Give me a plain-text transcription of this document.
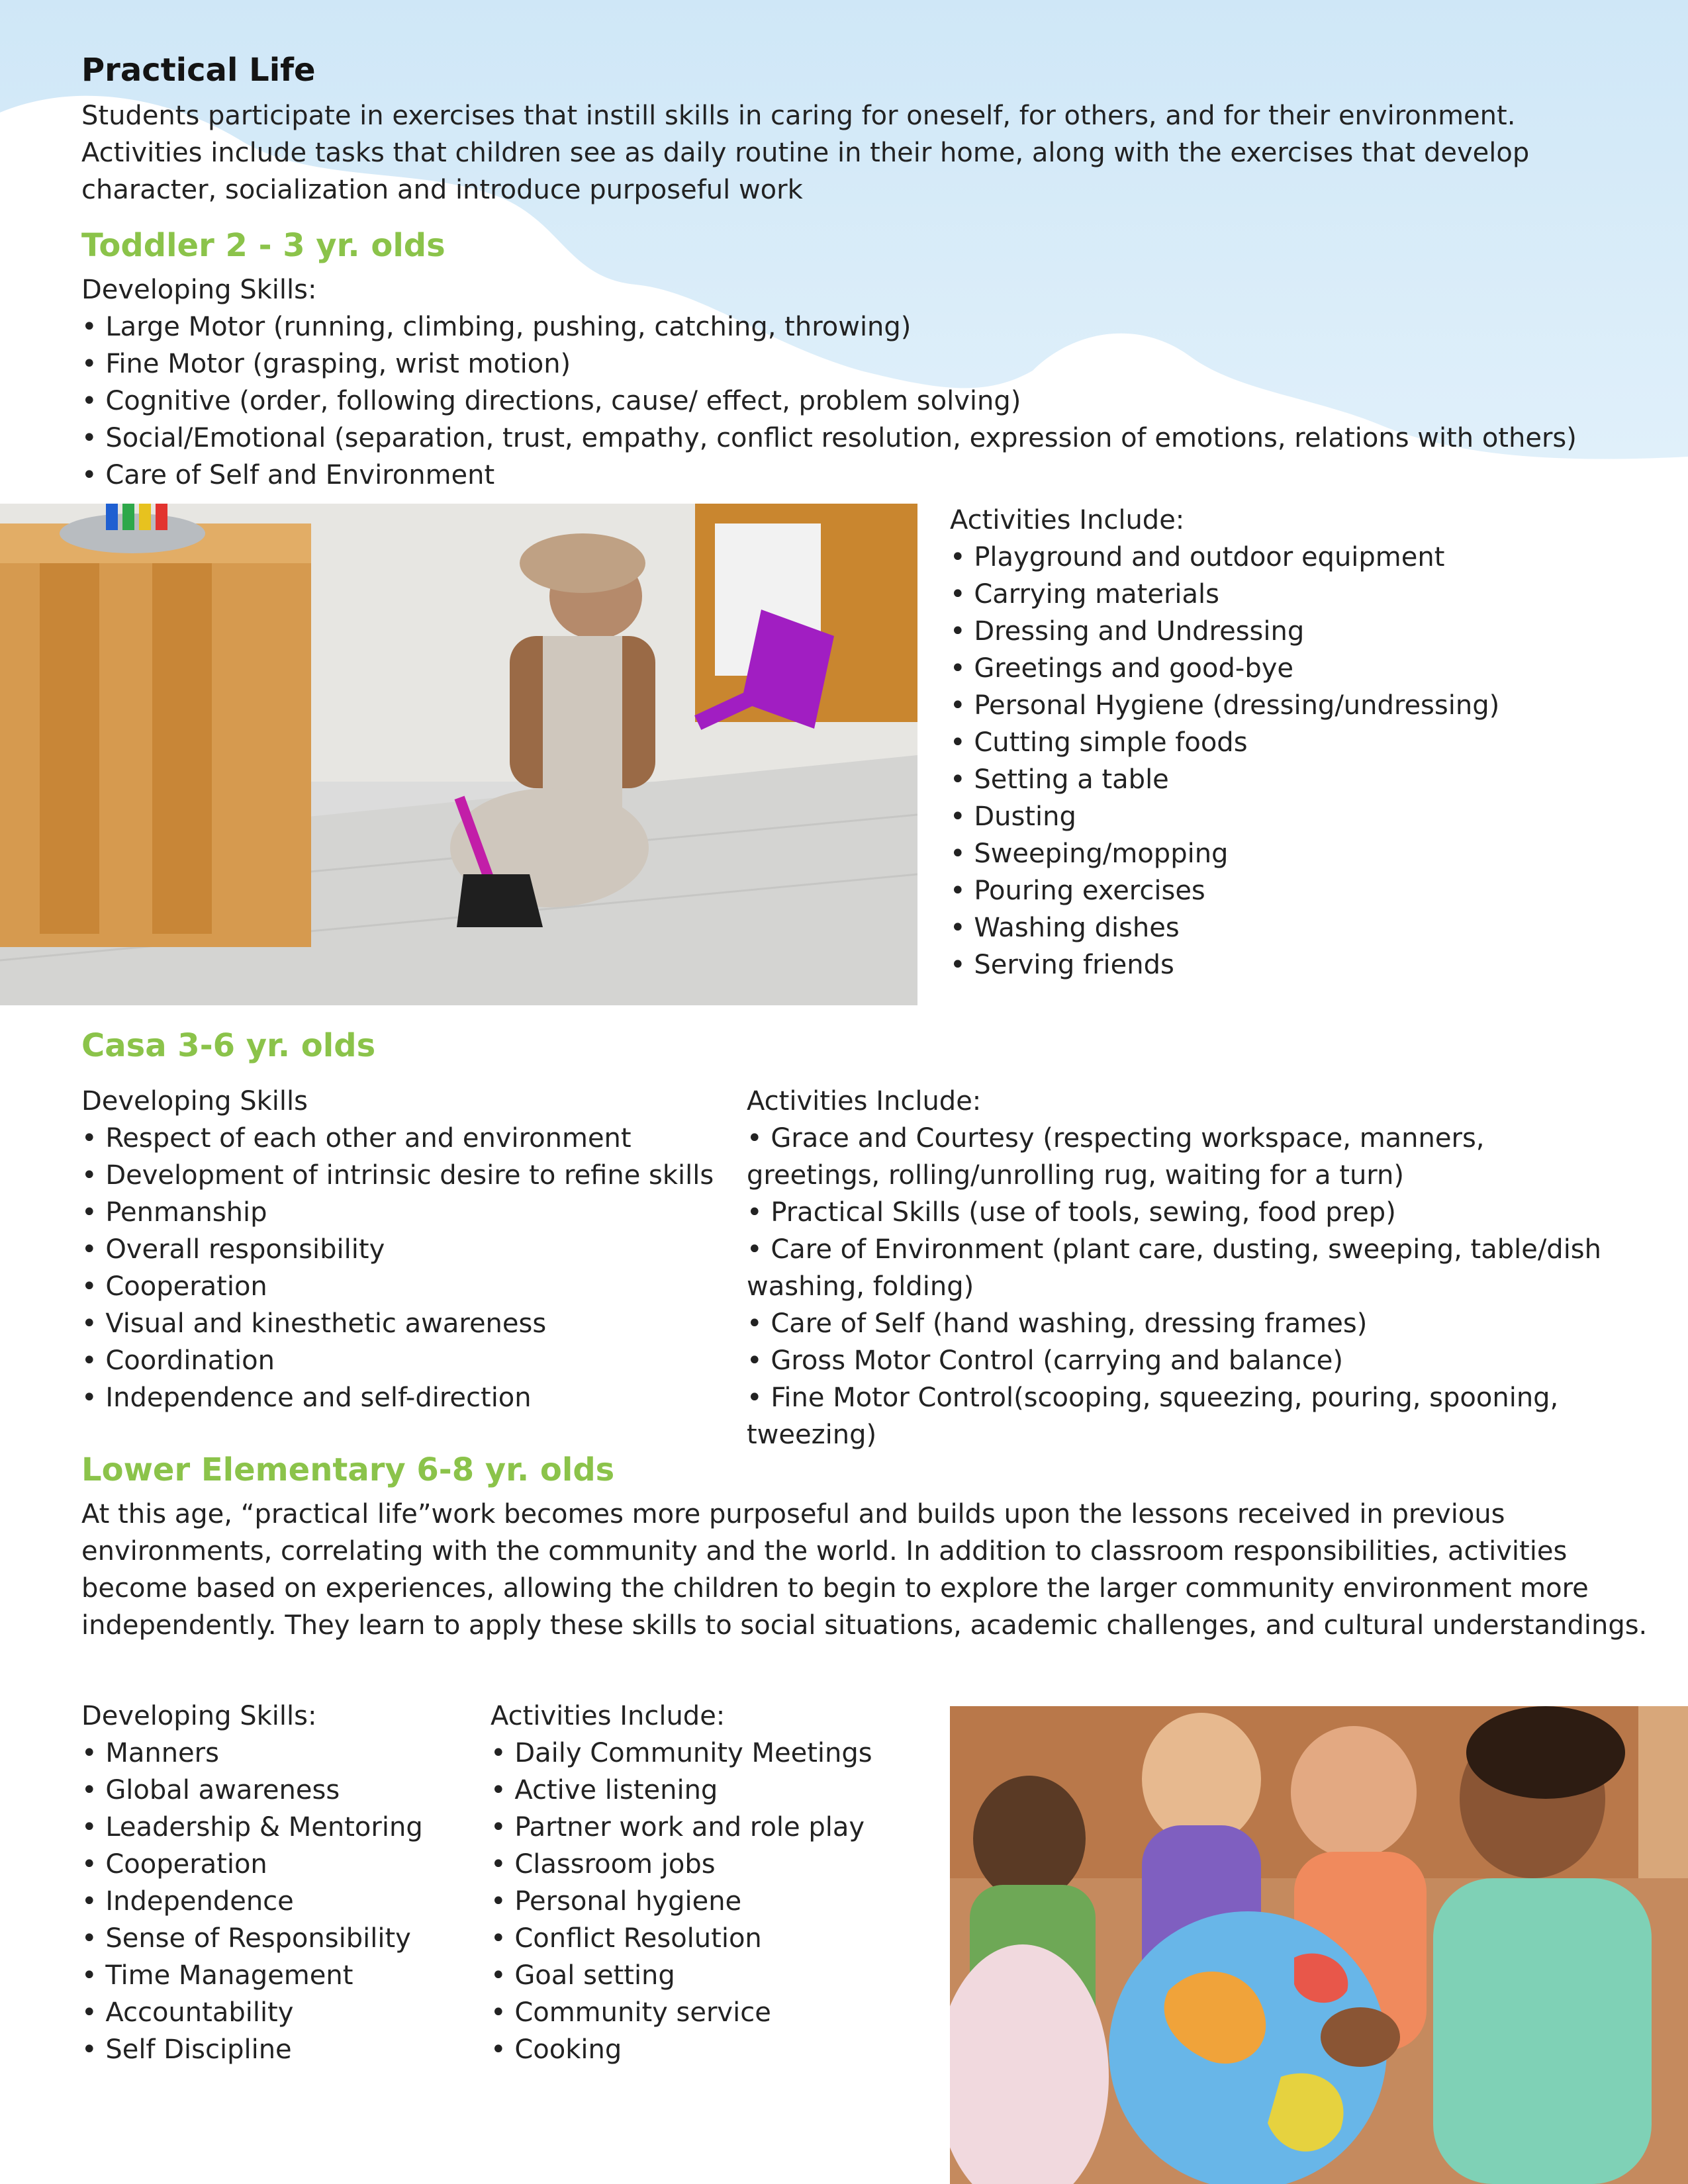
Practical Life
Students participate in exercises that instill skills in caring for oneself, for others, and for their environment. Activities include tasks that children see as daily routine in their home, along with the exercises that develop character, socialization and introduce purposeful work
Toddler 2 - 3 yr. olds
Developing Skills:
• Large Motor (running, climbing, pushing, catching, throwing)
• Fine Motor (grasping, wrist motion)
• Cognitive (order, following directions, cause/ effect, problem solving)
• Social/Emotional (separation, trust, empathy, conflict resolution, expression of emotions, relations with others)
• Care of Self and Environment
Activities Include:
• Playground and outdoor equipment
• Carrying materials
• Dressing and Undressing
• Greetings and good-bye
• Personal Hygiene (dressing/undressing)
• Cutting simple foods
• Setting a table
• Dusting
• Sweeping/mopping
• Pouring exercises
• Washing dishes
• Serving friends
Casa 3-6 yr. olds
Developing Skills
• Respect of each other and environment
• Development of intrinsic desire to refine skills
• Penmanship
• Overall responsibility
• Cooperation
• Visual and kinesthetic awareness
• Coordination
• Independence and self-direction
Activities Include:
• Grace and Courtesy (respecting workspace, manners, greetings, rolling/unrolling rug, waiting for a turn)
• Practical Skills (use of tools, sewing, food prep)
• Care of Environment (plant care, dusting, sweeping, table/dish washing, folding)
• Care of Self (hand washing, dressing frames)
• Gross Motor Control (carrying and balance)
• Fine Motor Control(scooping, squeezing, pouring, spooning, tweezing)
Lower Elementary 6-8 yr. olds
At this age, “practical life”work becomes more purposeful and builds upon the lessons received in previous environments, correlating with the community and the world. In addition to classroom responsibilities, activities become based on experiences, allowing the children to begin to explore the larger community environment more independently. They learn to apply these skills to social situations, academic challenges, and cultural understandings.
Developing Skills:
• Manners
• Global awareness
• Leadership & Mentoring
• Cooperation
• Independence
• Sense of Responsibility
• Time Management
• Accountability
• Self Discipline
Activities Include:
• Daily Community Meetings
• Active listening
• Partner work and role play
• Classroom jobs
• Personal hygiene
• Conflict Resolution
• Goal setting
• Community service
• Cooking
